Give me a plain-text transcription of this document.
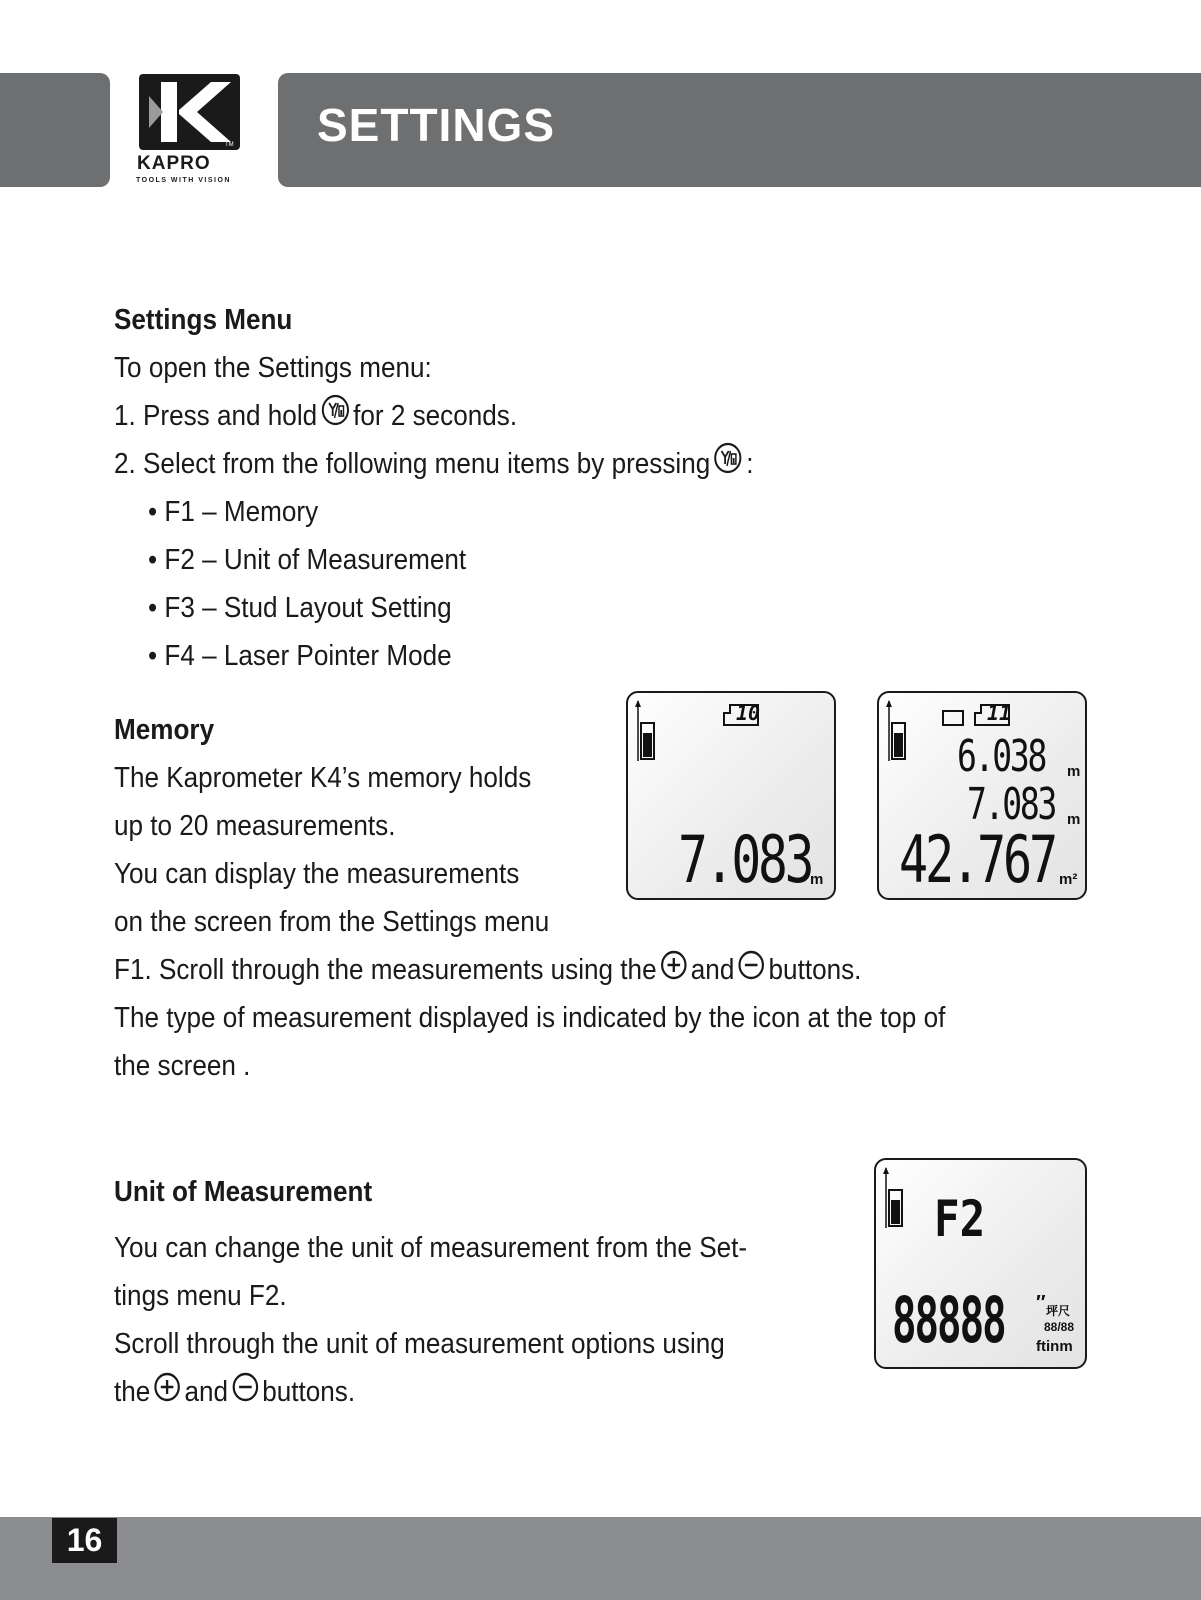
SETTINGS
TM
KAPRO
TOOLS WITH VISION
Settings Menu
To open the Settings menu:
1. Press and hold for 2 seconds.
2. Select from the following menu items by pressing :
• F1 – Memory
• F2 – Unit of Measurement
• F3 – Stud Layout Setting
• F4 – Laser Pointer Mode
Memory
The Kaprometer K4’s memory holds
up to 20 measurements.
You can display the measurements
on the screen from the Settings menu
F1. Scroll through the measurements using the and buttons.
The type of measurement displayed is indicated by the icon at the top of
the screen .
10
7.083
m
11
6.038 m
7.083 m
42.767 m²
Unit of Measurement
You can change the unit of measurement from the Set-
tings menu F2.
Scroll through the unit of measurement options using
the and buttons.
F2
88888 ″ 坪尺
88/88
ftinm
16
